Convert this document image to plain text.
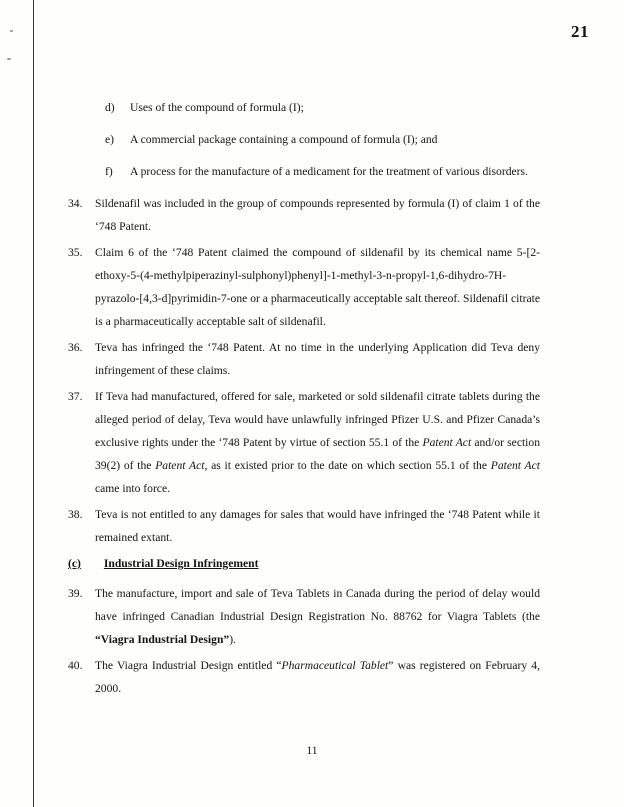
21
d)	Uses of the compound of formula (I);
e)	A commercial package containing a compound of formula (I); and
f)	A process for the manufacture of a medicament for the treatment of various disorders.
34.	Sildenafil was included in the group of compounds represented by formula (I) of claim 1 of the ‘748 Patent.
35.	Claim 6 of the ‘748 Patent claimed the compound of sildenafil by its chemical name 5-[2-ethoxy-5-(4-methylpiperazinyl-sulphonyl)phenyl]-1-methyl-3-n-propyl-1,6-dihydro-7H-pyrazolo-[4,3-d]pyrimidin-7-one or a pharmaceutically acceptable salt thereof. Sildenafil citrate is a pharmaceutically acceptable salt of sildenafil.
36.	Teva has infringed the ‘748 Patent. At no time in the underlying Application did Teva deny infringement of these claims.
37.	If Teva had manufactured, offered for sale, marketed or sold sildenafil citrate tablets during the alleged period of delay, Teva would have unlawfully infringed Pfizer U.S. and Pfizer Canada’s exclusive rights under the ‘748 Patent by virtue of section 55.1 of the Patent Act and/or section 39(2) of the Patent Act, as it existed prior to the date on which section 55.1 of the Patent Act came into force.
38.	Teva is not entitled to any damages for sales that would have infringed the ‘748 Patent while it remained extant.
(c) Industrial Design Infringement
39.	The manufacture, import and sale of Teva Tablets in Canada during the period of delay would have infringed Canadian Industrial Design Registration No. 88762 for Viagra Tablets (the “Viagra Industrial Design”).
40.	The Viagra Industrial Design entitled “Pharmaceutical Tablet” was registered on February 4, 2000.
11
